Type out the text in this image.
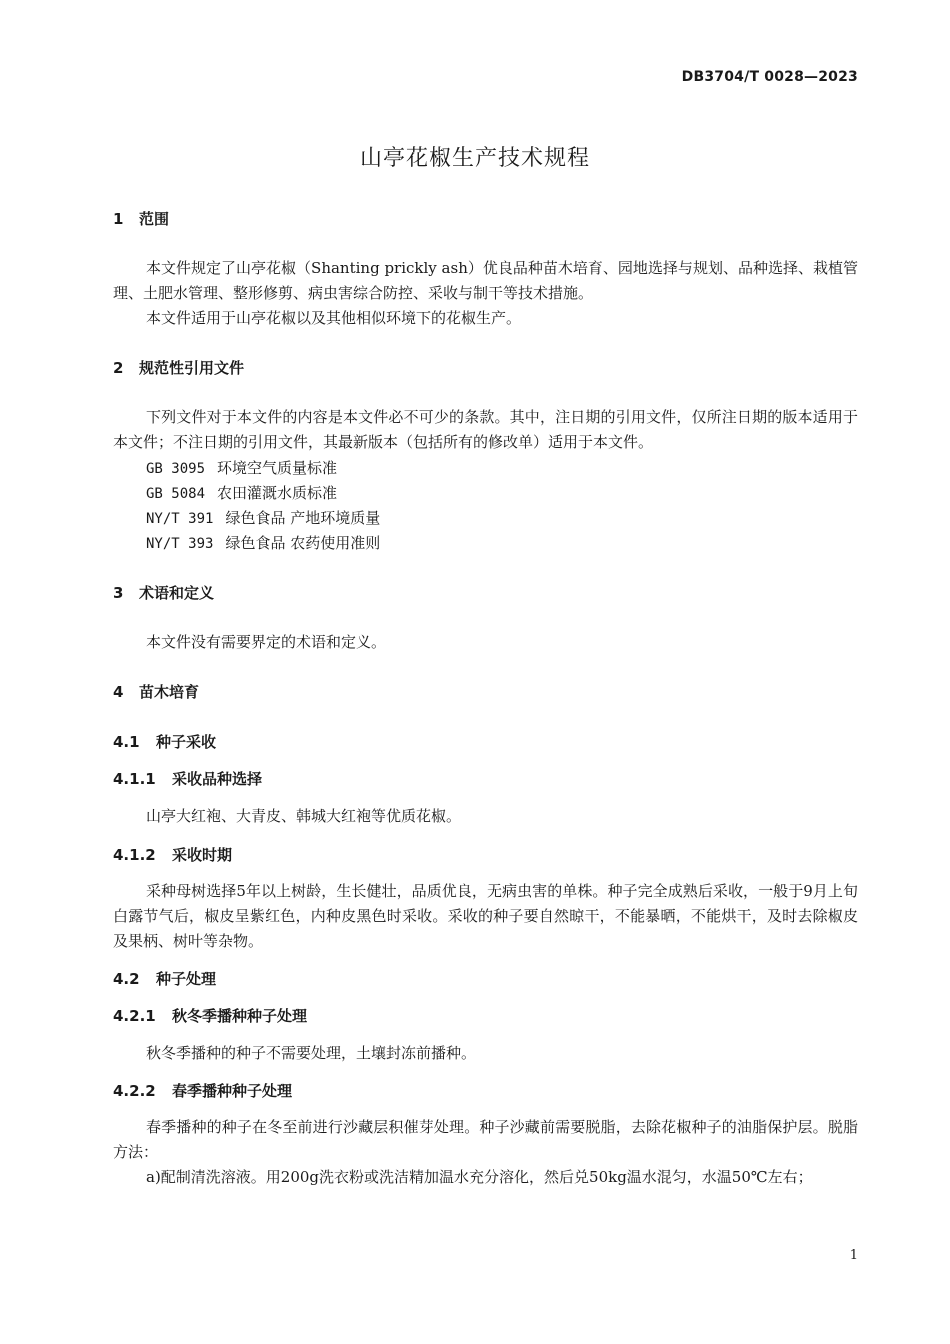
DB3704/T 0028—2023
山亭花椒生产技术规程
1 范围
本文件规定了山亭花椒（Shanting prickly ash）优良品种苗木培育、园地选择与规划、品种选择、栽植管理、土肥水管理、整形修剪、病虫害综合防控、采收与制干等技术措施。
本文件适用于山亭花椒以及其他相似环境下的花椒生产。
2 规范性引用文件
下列文件对于本文件的内容是本文件必不可少的条款。其中，注日期的引用文件，仅所注日期的版本适用于本文件；不注日期的引用文件，其最新版本（包括所有的修改单）适用于本文件。
GB 3095 环境空气质量标准
GB 5084 农田灌溉水质标准
NY/T 391 绿色食品 产地环境质量
NY/T 393 绿色食品 农药使用准则
3 术语和定义
本文件没有需要界定的术语和定义。
4 苗木培育
4.1 种子采收
4.1.1 采收品种选择
山亭大红袍、大青皮、韩城大红袍等优质花椒。
4.1.2 采收时期
采种母树选择5年以上树龄，生长健壮，品质优良，无病虫害的单株。种子完全成熟后采收，一般于9月上旬白露节气后，椒皮呈紫红色，内种皮黑色时采收。采收的种子要自然晾干，不能暴晒，不能烘干，及时去除椒皮及果柄、树叶等杂物。
4.2 种子处理
4.2.1 秋冬季播种种子处理
秋冬季播种的种子不需要处理，土壤封冻前播种。
4.2.2 春季播种种子处理
春季播种的种子在冬至前进行沙藏层积催芽处理。种子沙藏前需要脱脂，去除花椒种子的油脂保护层。脱脂方法：
a)配制清洗溶液。用200g洗衣粉或洗洁精加温水充分溶化，然后兑50kg温水混匀，水温50℃左右；
1
